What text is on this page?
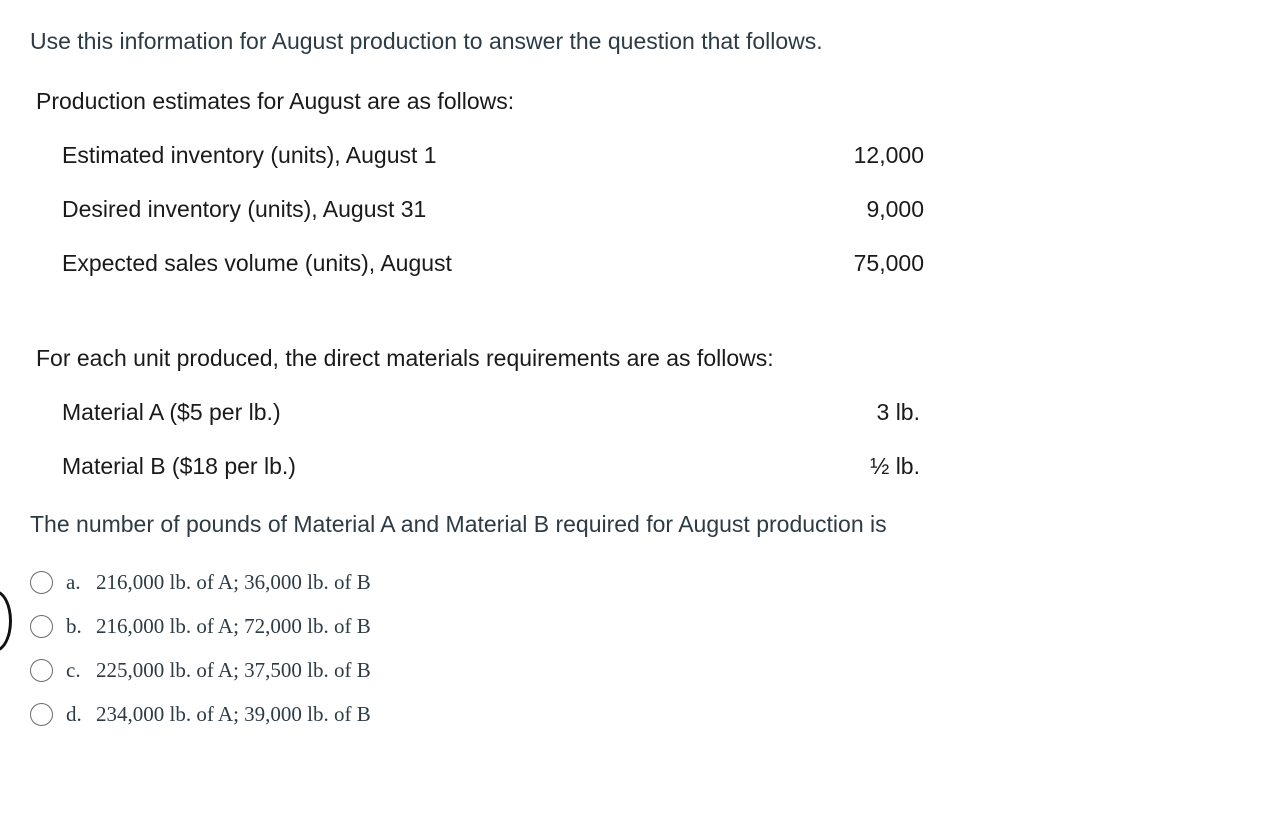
Use this information for August production to answer the question that follows.
Production estimates for August are as follows:
Estimated inventory (units), August 1	12,000
Desired inventory (units), August 31	9,000
Expected sales volume (units), August	75,000
For each unit produced, the direct materials requirements are as follows:
Material A ($5 per lb.)	3 lb.
Material B ($18 per lb.)	½ lb.
The number of pounds of Material A and Material B required for August production is
a. 216,000 lb. of A; 36,000 lb. of B
b. 216,000 lb. of A; 72,000 lb. of B
c. 225,000 lb. of A; 37,500 lb. of B
d. 234,000 lb. of A; 39,000 lb. of B
